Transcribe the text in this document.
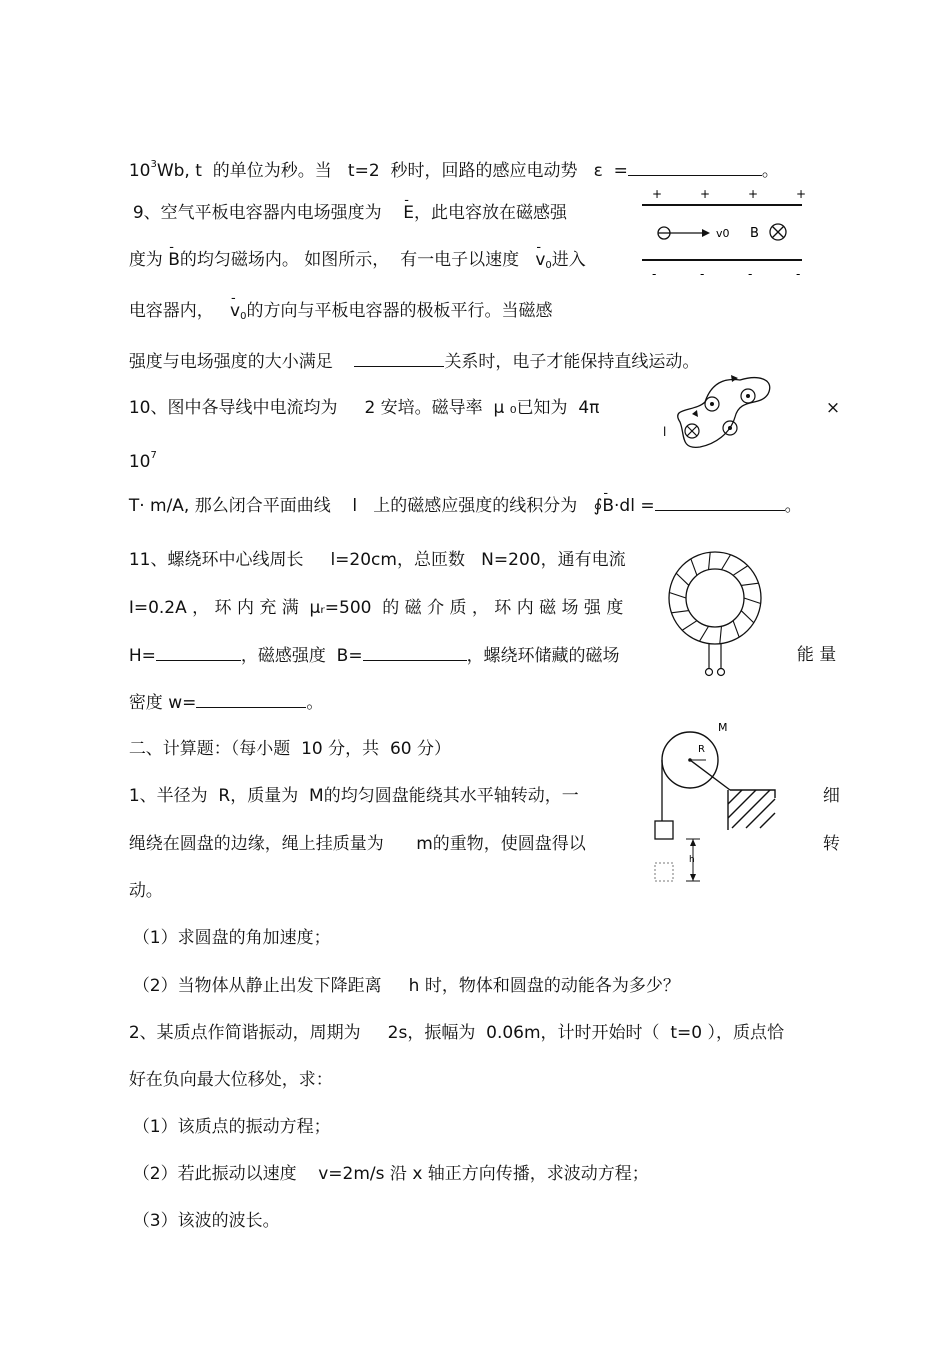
$10^3Wb$, t  的单位为秒。当   t=2  秒时，回路的感应电动势   ε  =	。

9、空气平板电容器内电场强度为    - E，此电容放在磁感强

度为 - B的均匀磁场内。 如图所示，  有一电子以速度   - $v_0$进入

电容器内，   - $v_0$的方向与平板电容器的极板平行。当磁感

强度与电场强度的大小满足	关系时，电子才能保持直线运动。

+	+	+	+
v0 B
-	-	-	-

10、图中各导线中电流均为     2 安培。磁导率  μ ₀已知为  4π	×

$10^7$

T· m/A, 那么闭合平面曲线    l   上的磁感应强度的线积分为   ∮- B·dl =	。

l

11、螺绕环中心线周长     l=20cm，总匝数   N=200，通有电流

I=0.2A ， 环 内 充 满  μᵣ=500  的 磁 介 质 ， 环 内 磁 场 强 度

H=	，磁感强度  B=	，螺绕环储藏的磁场	能 量

密度 w=	。

二、计算题：（每小题  10 分，共  60 分）

1、半径为  R，质量为  M的均匀圆盘能绕其水平轴转动，一	细

绳绕在圆盘的边缘，绳上挂质量为      m的重物，使圆盘得以	转

动。

（1）求圆盘的角加速度；

（2）当物体从静止出发下降距离     h 时，物体和圆盘的动能各为多少？

M
R
h

2、某质点作简谐振动，周期为     2s，振幅为  0.06m，计时开始时（  t=0 ），质点恰

好在负向最大位移处，求：

（1）该质点的振动方程；

（2）若此振动以速度    v=2m/s 沿 x 轴正方向传播，求波动方程；

（3）该波的波长。
